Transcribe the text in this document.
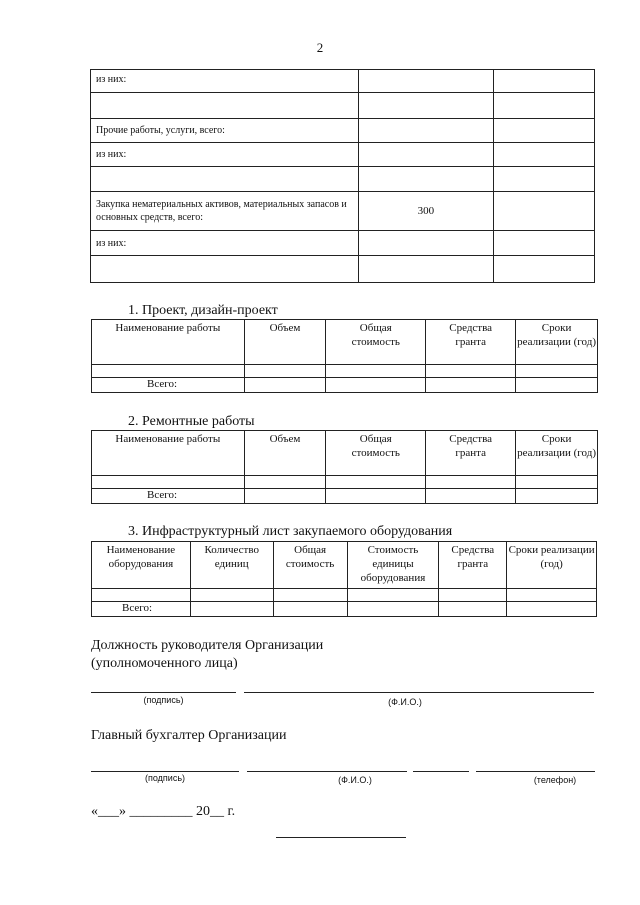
2
из них:		

Прочие работы, услуги, всего:		
из них:		

Закупка нематериальных активов, материальных запасов и основных средств, всего:	300	
из них:		

1. Проект, дизайн-проект
Наименование работы	Объем	Общая стоимость	Средства гранта	Сроки реализации (год)

Всего:				
2. Ремонтные работы
Наименование работы	Объем	Общая стоимость	Средства гранта	Сроки реализации (год)

Всего:				
3. Инфраструктурный лист закупаемого оборудования
Наименование оборудования	Количество единиц	Общая стоимость	Стоимость единицы оборудования	Средства гранта	Сроки реализации (год)

Всего:					
Должность руководителя Организации
(уполномоченного лица)
(подпись)	(Ф.И.О.)
Главный бухгалтер Организации
(подпись)	(Ф.И.О.)	(телефон)
«___» _________ 20__ г.
